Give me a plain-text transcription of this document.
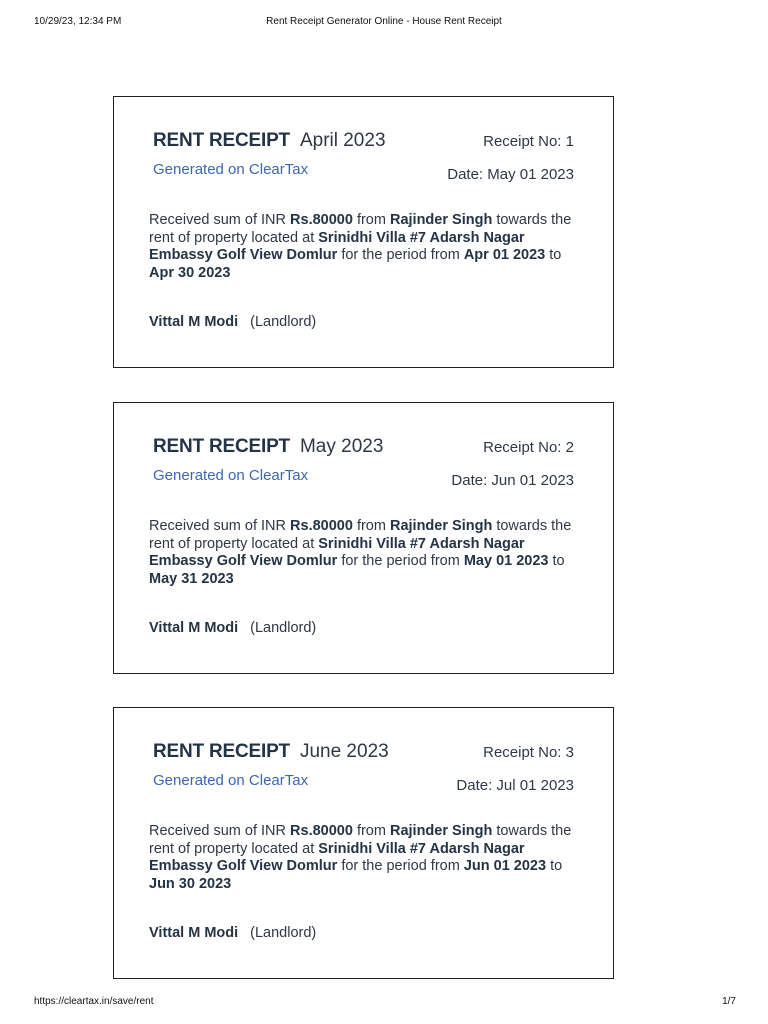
10/29/23, 12:34 PM	Rent Receipt Generator Online - House Rent Receipt
RENT RECEIPT April 2023	Receipt No: 1
Generated on ClearTax	Date: May 01 2023
Received sum of INR Rs.80000 from Rajinder Singh towards the rent of property located at Srinidhi Villa #7 Adarsh Nagar Embassy Golf View Domlur for the period from Apr 01 2023 to Apr 30 2023
Vittal M Modi (Landlord)
RENT RECEIPT May 2023	Receipt No: 2
Generated on ClearTax	Date: Jun 01 2023
Received sum of INR Rs.80000 from Rajinder Singh towards the rent of property located at Srinidhi Villa #7 Adarsh Nagar Embassy Golf View Domlur for the period from May 01 2023 to May 31 2023
Vittal M Modi (Landlord)
RENT RECEIPT June 2023	Receipt No: 3
Generated on ClearTax	Date: Jul 01 2023
Received sum of INR Rs.80000 from Rajinder Singh towards the rent of property located at Srinidhi Villa #7 Adarsh Nagar Embassy Golf View Domlur for the period from Jun 01 2023 to Jun 30 2023
Vittal M Modi (Landlord)
https://cleartax.in/save/rent	1/7
